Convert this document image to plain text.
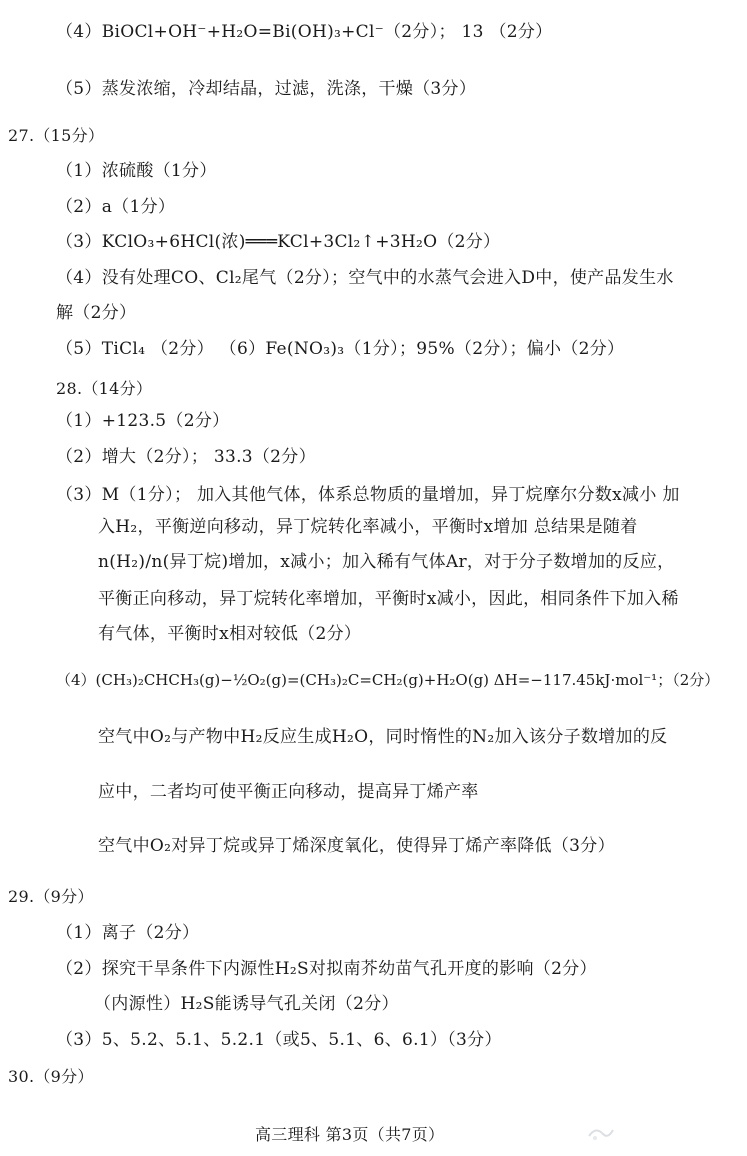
（4）BiOCl+OH⁻+H₂O=Bi(OH)₃+Cl⁻（2分）； 13 （2分）
（5）蒸发浓缩，冷却结晶，过滤，洗涤，干燥（3分）
27.（15分）
（1）浓硫酸（1分）
（2）a（1分）
（3）KClO₃+6HCl(浓)═══KCl+3Cl₂↑+3H₂O（2分）
（4）没有处理CO、Cl₂尾气（2分）；空气中的水蒸气会进入D中，使产品发生水
解（2分）
（5）TiCl₄ （2分） （6）Fe(NO₃)₃（1分）；95%（2分）；偏小（2分）
28.（14分）
（1）+123.5（2分）
（2）增大（2分）； 33.3（2分）
（3）M（1分）； 加入其他气体，体系总物质的量增加，异丁烷摩尔分数x减小 加
入H₂，平衡逆向移动，异丁烷转化率减小，平衡时x增加 总结果是随着
n(H₂)/n(异丁烷)增加，x减小；加入稀有气体Ar，对于分子数增加的反应，
平衡正向移动，异丁烷转化率增加，平衡时x减小，因此，相同条件下加入稀
有气体，平衡时x相对较低（2分）
（4）(CH₃)₂CHCH₃(g)−½O₂(g)=(CH₃)₂C=CH₂(g)+H₂O(g) ΔH=−117.45kJ·mol⁻¹；（2分）
空气中O₂与产物中H₂反应生成H₂O，同时惰性的N₂加入该分子数增加的反
应中，二者均可使平衡正向移动，提高异丁烯产率
空气中O₂对异丁烷或异丁烯深度氧化，使得异丁烯产率降低（3分）
29.（9分）
（1）离子（2分）
（2）探究干旱条件下内源性H₂S对拟南芥幼苗气孔开度的影响（2分）
（内源性）H₂S能诱导气孔关闭（2分）
（3）5、5.2、5.1、5.2.1（或5、5.1、6、6.1）（3分）
30.（9分）
高三理科 第3页（共7页）
